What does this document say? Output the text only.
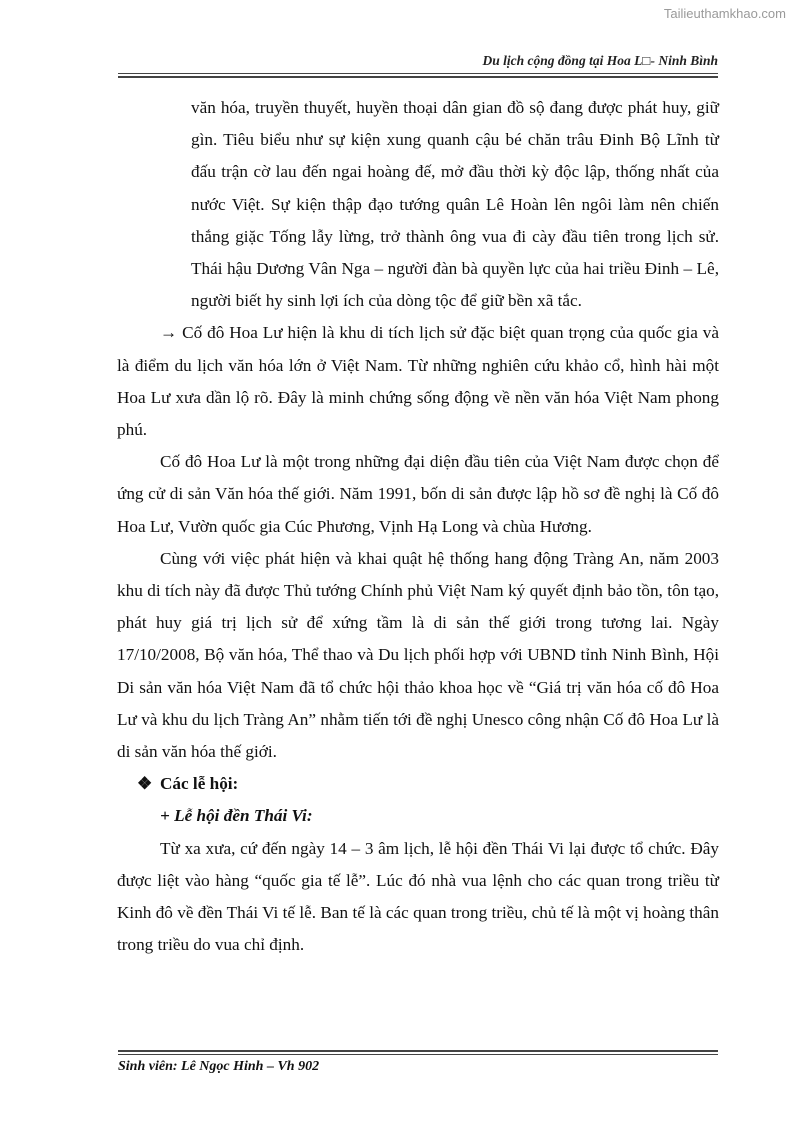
Tailieuthamkhao.com
Du lịch cộng đồng tại Hoa L□- Ninh Bình

văn hóa, truyền thuyết, huyền thoại dân gian đồ sộ đang được phát huy, giữ gìn. Tiêu biểu như sự kiện xung quanh cậu bé chăn trâu Đinh Bộ Lĩnh từ đấu trận cờ lau đến ngai hoàng đế, mở đầu thời kỳ độc lập, thống nhất của nước Việt. Sự kiện thập đạo tướng quân Lê Hoàn lên ngôi làm nên chiến thắng giặc Tống lẫy lừng, trở thành ông vua đi cày đầu tiên trong lịch sử. Thái hậu Dương Vân Nga – người đàn bà quyền lực của hai triều Đinh – Lê, người biết hy sinh lợi ích của dòng tộc để giữ bền xã tắc.

→ Cố đô Hoa Lư hiện là khu di tích lịch sử đặc biệt quan trọng của quốc gia và là điểm du lịch văn hóa lớn ở Việt Nam. Từ những nghiên cứu khảo cổ, hình hài một Hoa Lư xưa dần lộ rõ. Đây là minh chứng sống động về nền văn hóa Việt Nam phong phú.

Cố đô Hoa Lư là một trong những đại diện đầu tiên của Việt Nam được chọn để ứng cử di sản Văn hóa thế giới. Năm 1991, bốn di sản được lập hồ sơ đề nghị là Cố đô Hoa Lư, Vườn quốc gia Cúc Phương, Vịnh Hạ Long và chùa Hương.

Cùng với việc phát hiện và khai quật hệ thống hang động Tràng An, năm 2003 khu di tích này đã được Thủ tướng Chính phủ Việt Nam ký quyết định bảo tồn, tôn tạo, phát huy giá trị lịch sử để xứng tầm là di sản thế giới trong tương lai. Ngày 17/10/2008, Bộ văn hóa, Thể thao và Du lịch phối hợp với UBND tỉnh Ninh Bình, Hội Di sản văn hóa Việt Nam đã tổ chức hội thảo khoa học về “Giá trị văn hóa cố đô Hoa Lư và khu du lịch Tràng An” nhằm tiến tới đề nghị Unesco công nhận Cố đô Hoa Lư là di sản văn hóa thế giới.

❖ Các lễ hội:

+ Lễ hội đền Thái Vi:

Từ xa xưa, cứ đến ngày 14 – 3 âm lịch, lễ hội đền Thái Vi lại được tổ chức. Đây được liệt vào hàng “quốc gia tế lễ”. Lúc đó nhà vua lệnh cho các quan trong triều từ Kinh đô về đền Thái Vi tế lễ. Ban tế là các quan trong triều, chủ tế là một vị hoàng thân trong triều do vua chỉ định.

Sinh viên: Lê Ngọc Hinh – Vh 902
